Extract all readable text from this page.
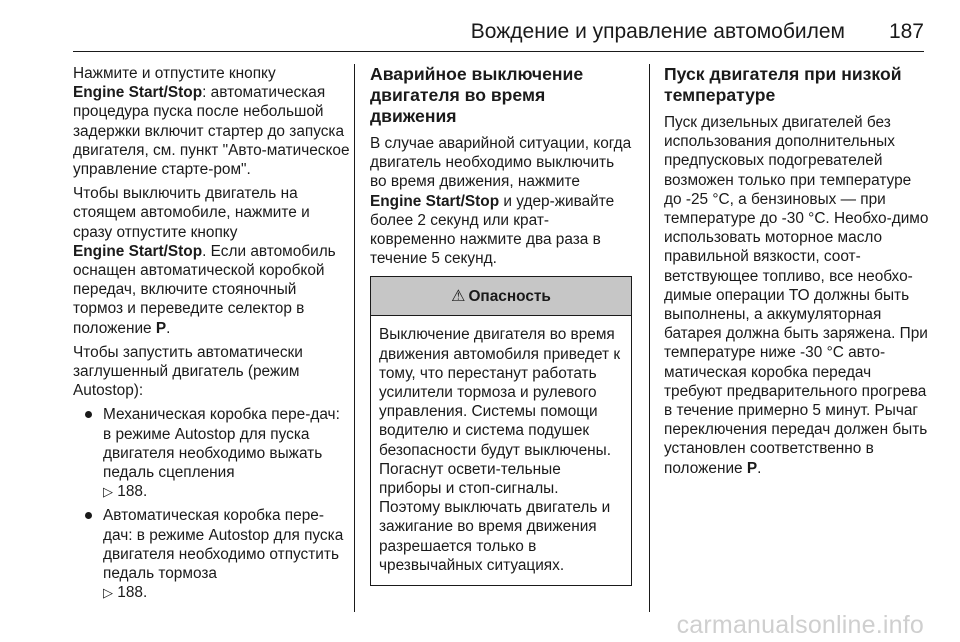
Вождение и управление автомобилем 187

Нажмите и отпустите кнопку
Engine Start/Stop: автоматическая процедура пуска после небольшой задержки включит стартер до запуска двигателя, см. пункт "Авто-матическое управление старте-ром".

Чтобы выключить двигатель на стоящем автомобиле, нажмите и сразу отпустите кнопку
Engine Start/Stop. Если автомобиль оснащен автоматической коробкой передач, включите стояночный тормоз и переведите селектор в положение P.

Чтобы запустить автоматически заглушенный двигатель (режим Autostop):

Механическая коробка пере-дач: в режиме Autostop для пуска двигателя необходимо выжать педаль сцепления
▷ 188.
Автоматическая коробка пере-дач: в режиме Autostop для пуска двигателя необходимо отпустить педаль тормоза
▷ 188.
Аварийное выключение двигателя во время движения

В случае аварийной ситуации, когда двигатель необходимо выключить во время движения, нажмите Engine Start/Stop и удер-живайте более 2 секунд или крат-ковременно нажмите два раза в течение 5 секунд.

⚠ Опасность
Выключение двигателя во время движения автомобиля приведет к тому, что перестанут работать усилители тормоза и рулевого управления. Системы помощи водителю и система подушек безопасности будут выключены. Погаснут освети-тельные приборы и стоп-сигналы. Поэтому выключать двигатель и зажигание во время движения разрешается только в чрезвычайных ситуациях.
Пуск двигателя при низкой температуре

Пуск дизельных двигателей без использования дополнительных предпусковых подогревателей возможен только при температуре до -25 °C, а бензиновых — при температуре до -30 °C. Необхо-димо использовать моторное масло правильной вязкости, соот-ветствующее топливо, все необхо-димые операции ТО должны быть выполнены, а аккумуляторная батарея должна быть заряжена. При температуре ниже -30 °C авто-матическая коробка передач требуют предварительного прогрева в течение примерно 5 минут. Рычаг переключения передач должен быть установлен соответственно в положение P.

carmanualsonline.info
